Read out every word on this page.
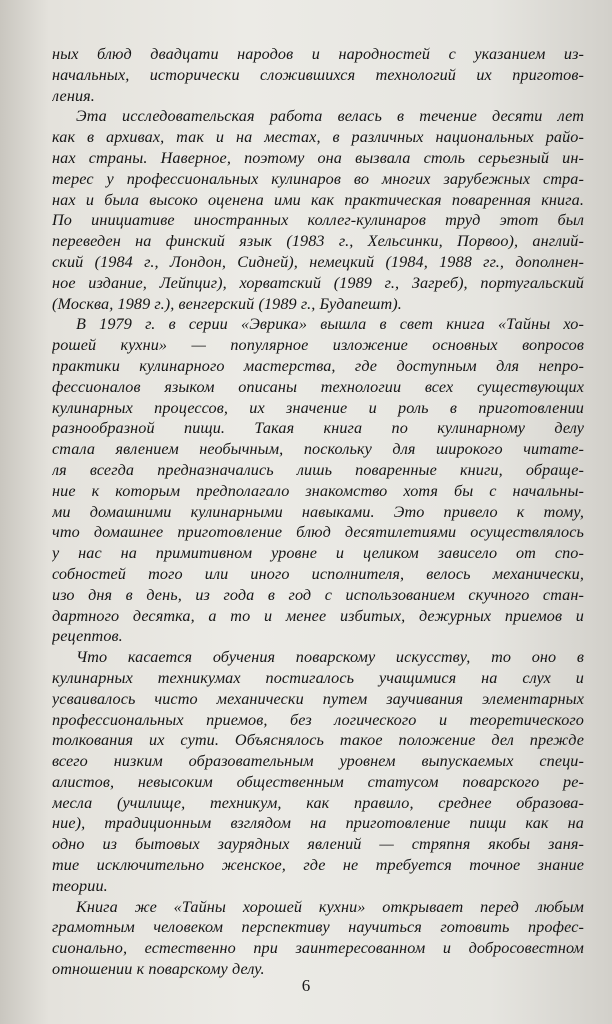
ных блюд двадцати народов и народностей с указанием из-
начальных, исторически сложившихся технологий их приготов-
ления.
Эта исследовательская работа велась в течение десяти лет
как в архивах, так и на местах, в различных национальных райо-
нах страны. Наверное, поэтому она вызвала столь серьезный ин-
терес у профессиональных кулинаров во многих зарубежных стра-
нах и была высоко оценена ими как практическая поваренная книга.
По инициативе иностранных коллег-кулинаров труд этот был
переведен на финский язык (1983 г., Хельсинки, Порвоо), англий-
ский (1984 г., Лондон, Сидней), немецкий (1984, 1988 гг., дополнен-
ное издание, Лейпциг), хорватский (1989 г., Загреб), португальский
(Москва, 1989 г.), венгерский (1989 г., Будапешт).
В 1979 г. в серии «Эврика» вышла в свет книга «Тайны хо-
рошей кухни» — популярное изложение основных вопросов
практики кулинарного мастерства, где доступным для непро-
фессионалов языком описаны технологии всех существующих
кулинарных процессов, их значение и роль в приготовлении
разнообразной пищи. Такая книга по кулинарному делу
стала явлением необычным, поскольку для широкого читате-
ля всегда предназначались лишь поваренные книги, обраще-
ние к которым предполагало знакомство хотя бы с начальны-
ми домашними кулинарными навыками. Это привело к тому,
что домашнее приготовление блюд десятилетиями осуществлялось
у нас на примитивном уровне и целиком зависело от спо-
собностей того или иного исполнителя, велось механически,
изо дня в день, из года в год с использованием скучного стан-
дартного десятка, а то и менее избитых, дежурных приемов и
рецептов.
Что касается обучения поварскому искусству, то оно в
кулинарных техникумах постигалось учащимися на слух и
усваивалось чисто механически путем заучивания элементарных
профессиональных приемов, без логического и теоретического
толкования их сути. Объяснялось такое положение дел прежде
всего низким образовательным уровнем выпускаемых специ-
алистов, невысоким общественным статусом поварского ре-
месла (училище, техникум, как правило, среднее образова-
ние), традиционным взглядом на приготовление пищи как на
одно из бытовых заурядных явлений — стряпня якобы заня-
тие исключительно женское, где не требуется точное знание
теории.
Книга же «Тайны хорошей кухни» открывает перед любым
грамотным человеком перспективу научиться готовить профес-
сионально, естественно при заинтересованном и добросовестном
отношении к поварскому делу.
6
